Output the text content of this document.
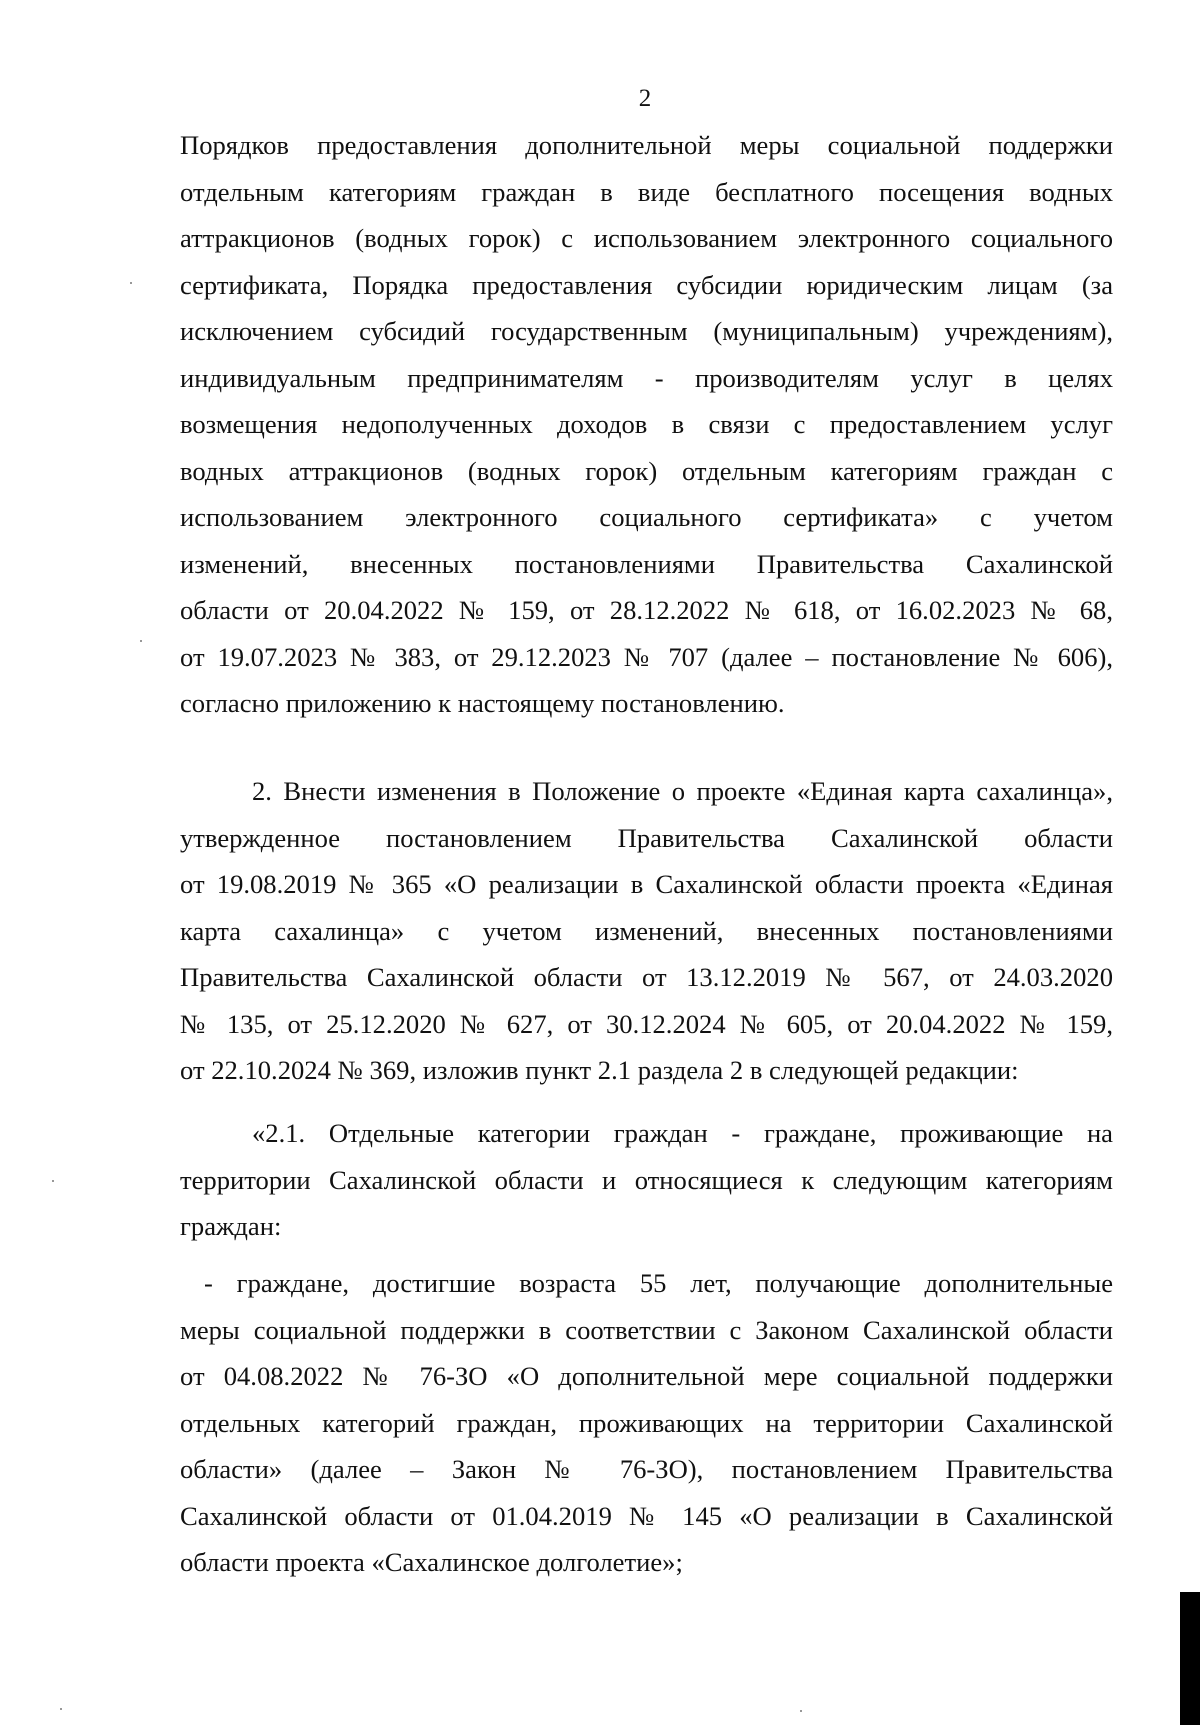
2
Порядков предоставления дополнительной меры социальной поддержки
отдельным категориям граждан в виде бесплатного посещения водных
аттракционов (водных горок) с использованием электронного социального
сертификата, Порядка предоставления субсидии юридическим лицам (за
исключением субсидий государственным (муниципальным) учреждениям),
индивидуальным предпринимателям - производителям услуг в целях
возмещения недополученных доходов в связи с предоставлением услуг
водных аттракционов (водных горок) отдельным категориям граждан с
использованием электронного социального сертификата» с учетом
изменений, внесенных постановлениями Правительства Сахалинской
области от 20.04.2022 № 159, от 28.12.2022 № 618, от 16.02.2023 № 68,
от 19.07.2023 № 383, от 29.12.2023 № 707 (далее – постановление № 606),
согласно приложению к настоящему постановлению.
2. Внести изменения в Положение о проекте «Единая карта сахалинца»,
утвержденное постановлением Правительства Сахалинской области
от 19.08.2019 № 365 «О реализации в Сахалинской области проекта «Единая
карта сахалинца» с учетом изменений, внесенных постановлениями
Правительства Сахалинской области от 13.12.2019 № 567, от 24.03.2020
№ 135, от 25.12.2020 № 627, от 30.12.2024 № 605, от 20.04.2022 № 159,
от 22.10.2024 № 369, изложив пункт 2.1 раздела 2 в следующей редакции:
«2.1. Отдельные категории граждан - граждане, проживающие на
территории Сахалинской области и относящиеся к следующим категориям
граждан:
- граждане, достигшие возраста 55 лет, получающие дополнительные
меры социальной поддержки в соответствии с Законом Сахалинской области
от 04.08.2022 № 76-ЗО «О дополнительной мере социальной поддержки
отдельных категорий граждан, проживающих на территории Сахалинской
области» (далее – Закон № 76-ЗО), постановлением Правительства
Сахалинской области от 01.04.2019 № 145 «О реализации в Сахалинской
области проекта «Сахалинское долголетие»;
